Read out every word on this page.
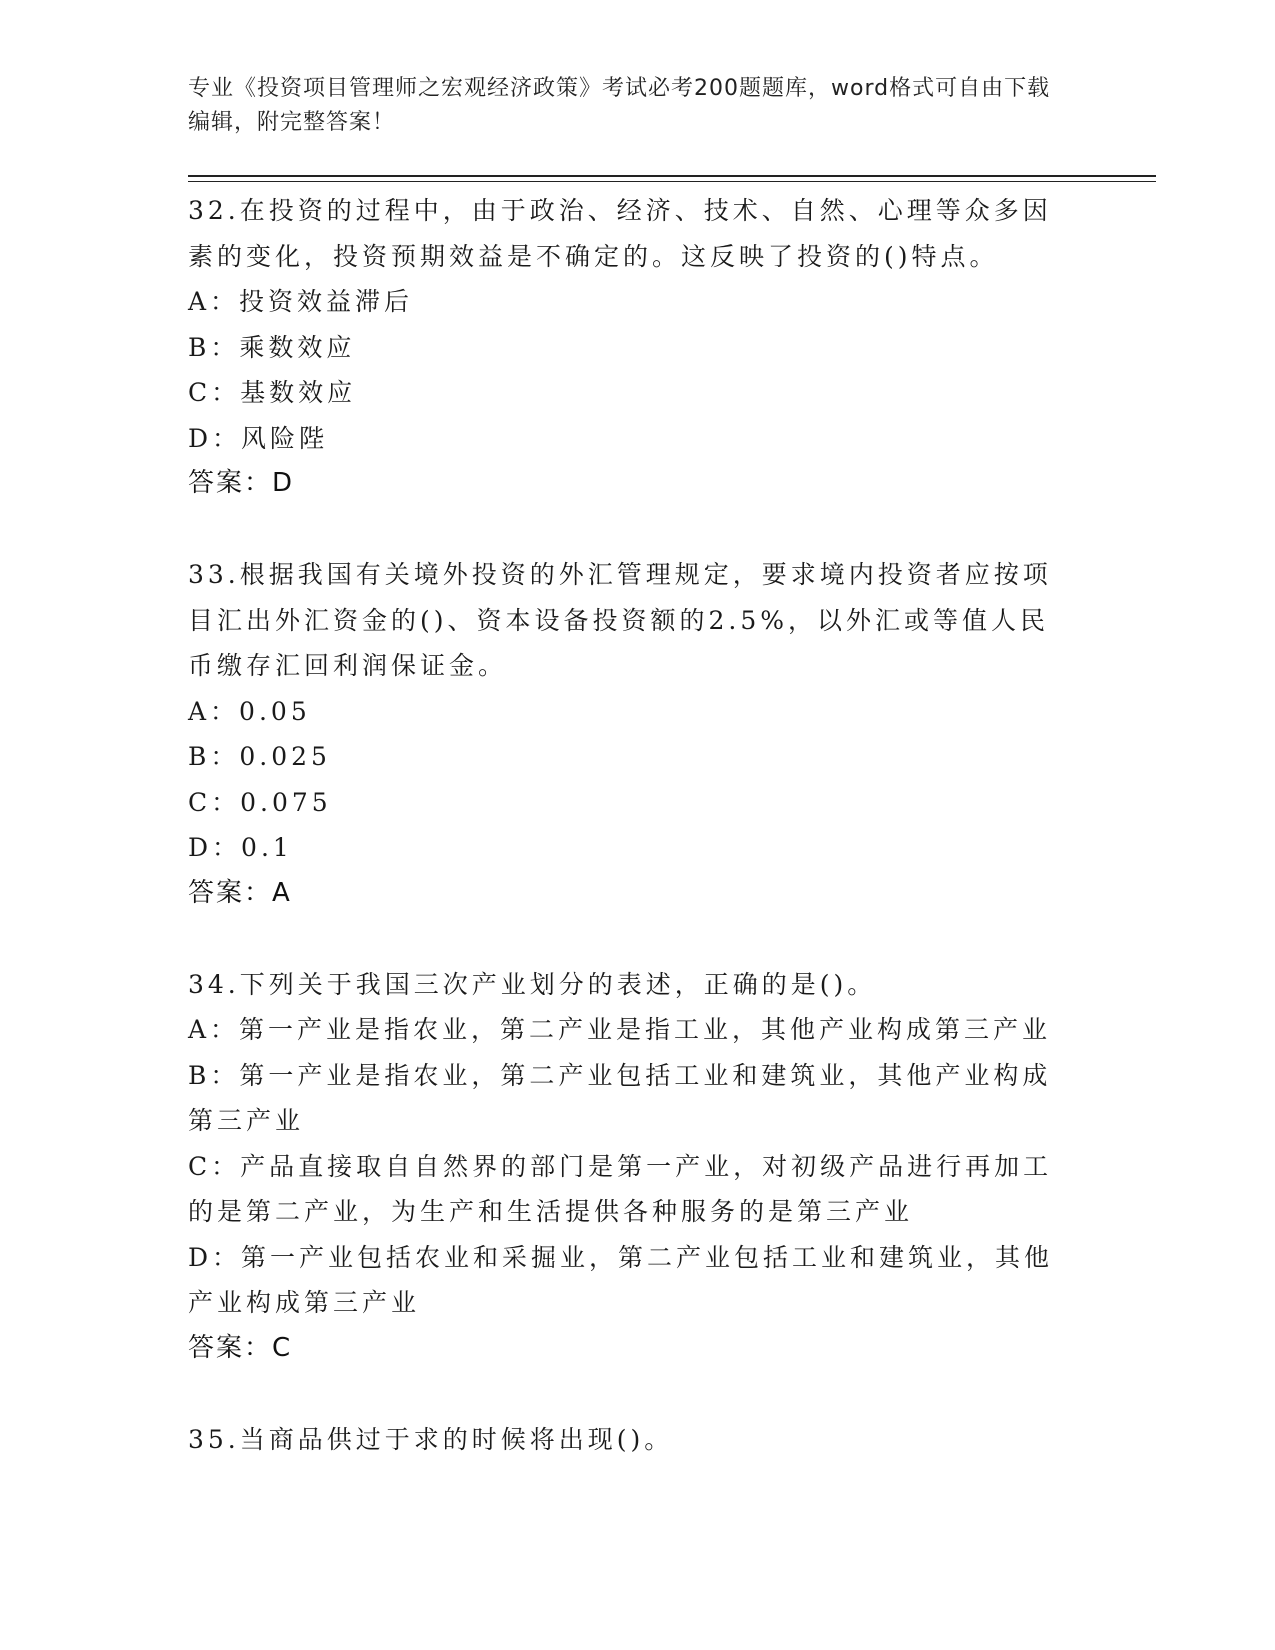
专业《投资项目管理师之宏观经济政策》考试必考200题题库，word格式可自由下载编辑，附完整答案！

32.在投资的过程中，由于政治、经济、技术、自然、心理等众多因素的变化，投资预期效益是不确定的。这反映了投资的()特点。

A：投资效益滞后

B：乘数效应

C：基数效应

D：风险陛

答案：D

33.根据我国有关境外投资的外汇管理规定，要求境内投资者应按项目汇出外汇资金的()、资本设备投资额的2.5%，以外汇或等值人民币缴存汇回利润保证金。

A：0.05

B：0.025

C：0.075

D：0.1

答案：A

34.下列关于我国三次产业划分的表述，正确的是()。

A：第一产业是指农业，第二产业是指工业，其他产业构成第三产业

B：第一产业是指农业，第二产业包括工业和建筑业，其他产业构成第三产业

C：产品直接取自自然界的部门是第一产业，对初级产品进行再加工的是第二产业，为生产和生活提供各种服务的是第三产业

D：第一产业包括农业和采掘业，第二产业包括工业和建筑业，其他产业构成第三产业

答案：C

35.当商品供过于求的时候将出现()。
